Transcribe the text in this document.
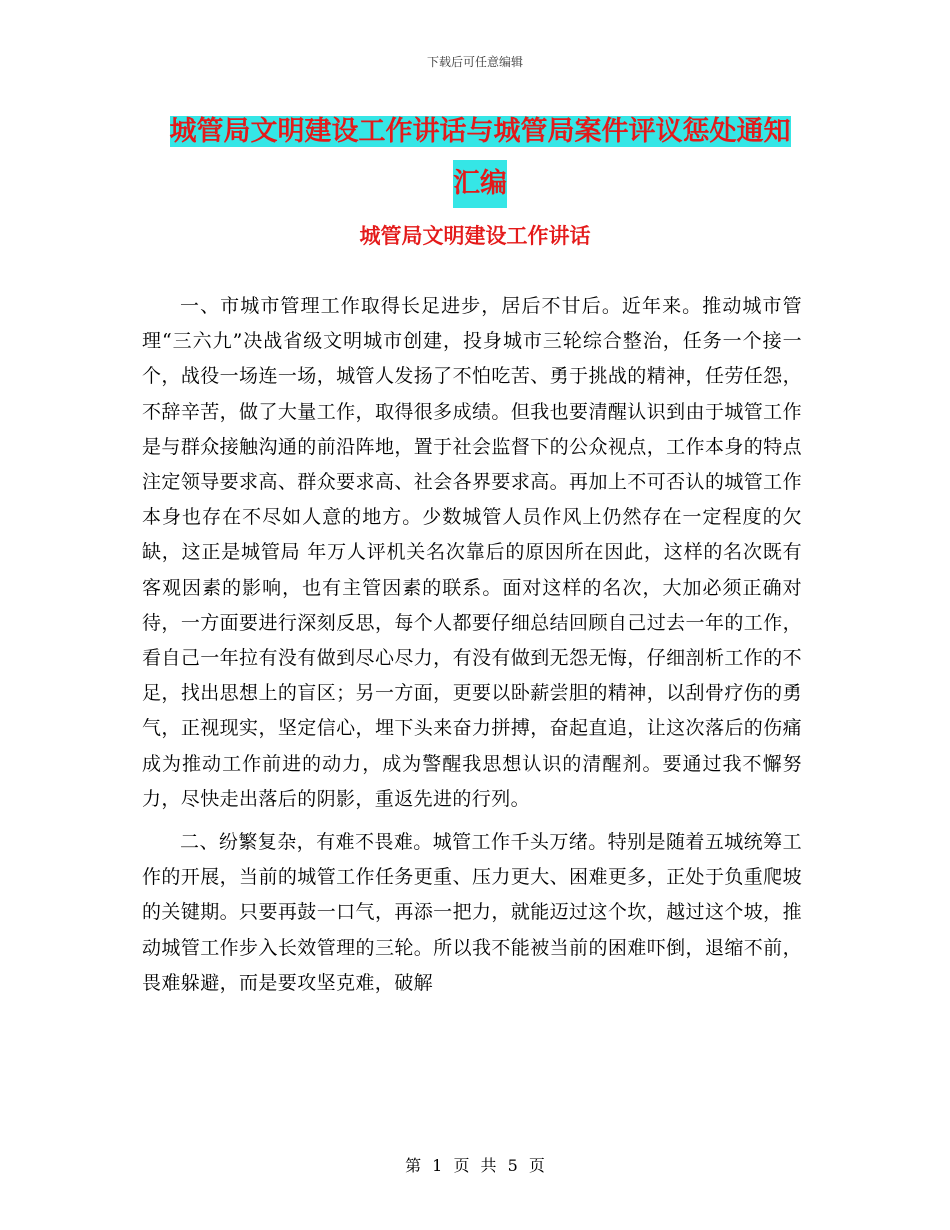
下载后可任意编辑
城管局文明建设工作讲话与城管局案件评议惩处通知
汇编
城管局文明建设工作讲话

一、市城市管理工作取得长足进步，居后不甘后。近年来。推动城市管理“三六九”决战省级文明城市创建，投身城市三轮综合整治，任务一个接一个，战役一场连一场，城管人发扬了不怕吃苦、勇于挑战的精神，任劳任怨，不辞辛苦，做了大量工作，取得很多成绩。但我也要清醒认识到由于城管工作是与群众接触沟通的前沿阵地，置于社会监督下的公众视点，工作本身的特点注定领导要求高、群众要求高、社会各界要求高。再加上不可否认的城管工作本身也存在不尽如人意的地方。少数城管人员作风上仍然存在一定程度的欠缺，这正是城管局 年万人评机关名次靠后的原因所在因此，这样的名次既有客观因素的影响，也有主管因素的联系。面对这样的名次，大加必须正确对待，一方面要进行深刻反思，每个人都要仔细总结回顾自己过去一年的工作，看自己一年拉有没有做到尽心尽力，有没有做到无怨无悔，仔细剖析工作的不足，找出思想上的盲区；另一方面，更要以卧薪尝胆的精神，以刮骨疗伤的勇气，正视现实，坚定信心，埋下头来奋力拼搏，奋起直追，让这次落后的伤痛成为推动工作前进的动力，成为警醒我思想认识的清醒剂。要通过我不懈努力，尽快走出落后的阴影，重返先进的行列。

二、纷繁复杂，有难不畏难。城管工作千头万绪。特别是随着五城统筹工作的开展，当前的城管工作任务更重、压力更大、困难更多，正处于负重爬坡的关键期。只要再鼓一口气，再添一把力，就能迈过这个坎，越过这个坡，推动城管工作步入长效管理的三轮。所以我不能被当前的困难吓倒，退缩不前，畏难躲避，而是要攻坚克难，破解

第 1 页 共 5 页
